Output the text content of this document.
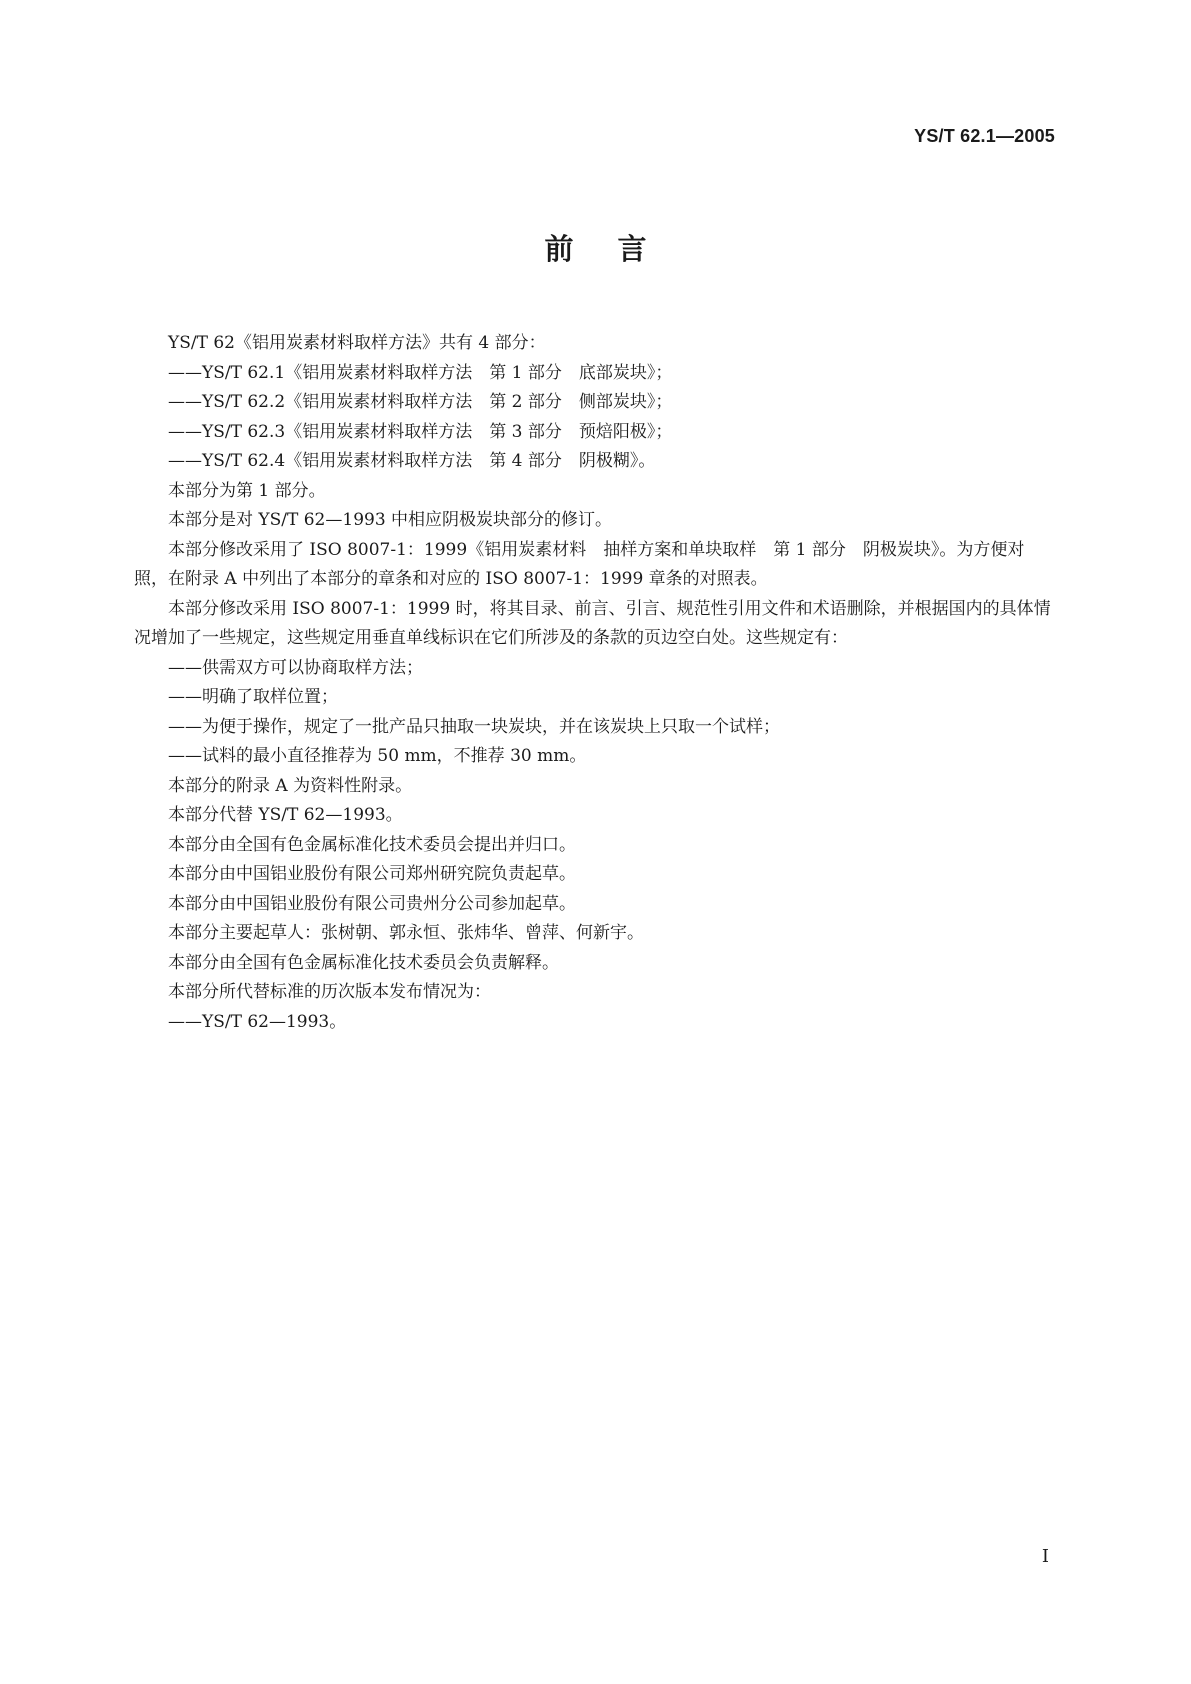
YS/T 62.1—2005
前言

YS/T 62《铝用炭素材料取样方法》共有 4 部分：

——YS/T 62.1《铝用炭素材料取样方法　第 1 部分　底部炭块》；

——YS/T 62.2《铝用炭素材料取样方法　第 2 部分　侧部炭块》；

——YS/T 62.3《铝用炭素材料取样方法　第 3 部分　预焙阳极》；

——YS/T 62.4《铝用炭素材料取样方法　第 4 部分　阴极糊》。

本部分为第 1 部分。

本部分是对 YS/T 62—1993 中相应阴极炭块部分的修订。

本部分修改采用了 ISO 8007-1：1999《铝用炭素材料　抽样方案和单块取样　第 1 部分　阴极炭块》。为方便对照，在附录 A 中列出了本部分的章条和对应的 ISO 8007-1：1999 章条的对照表。

本部分修改采用 ISO 8007-1：1999 时，将其目录、前言、引言、规范性引用文件和术语删除，并根据国内的具体情况增加了一些规定，这些规定用垂直单线标识在它们所涉及的条款的页边空白处。这些规定有：

——供需双方可以协商取样方法；

——明确了取样位置；

——为便于操作，规定了一批产品只抽取一块炭块，并在该炭块上只取一个试样；

——试料的最小直径推荐为 50 mm，不推荐 30 mm。

本部分的附录 A 为资料性附录。

本部分代替 YS/T 62—1993。

本部分由全国有色金属标准化技术委员会提出并归口。

本部分由中国铝业股份有限公司郑州研究院负责起草。

本部分由中国铝业股份有限公司贵州分公司参加起草。

本部分主要起草人：张树朝、郭永恒、张炜华、曾萍、何新宇。

本部分由全国有色金属标准化技术委员会负责解释。

本部分所代替标准的历次版本发布情况为：

——YS/T 62—1993。

I
